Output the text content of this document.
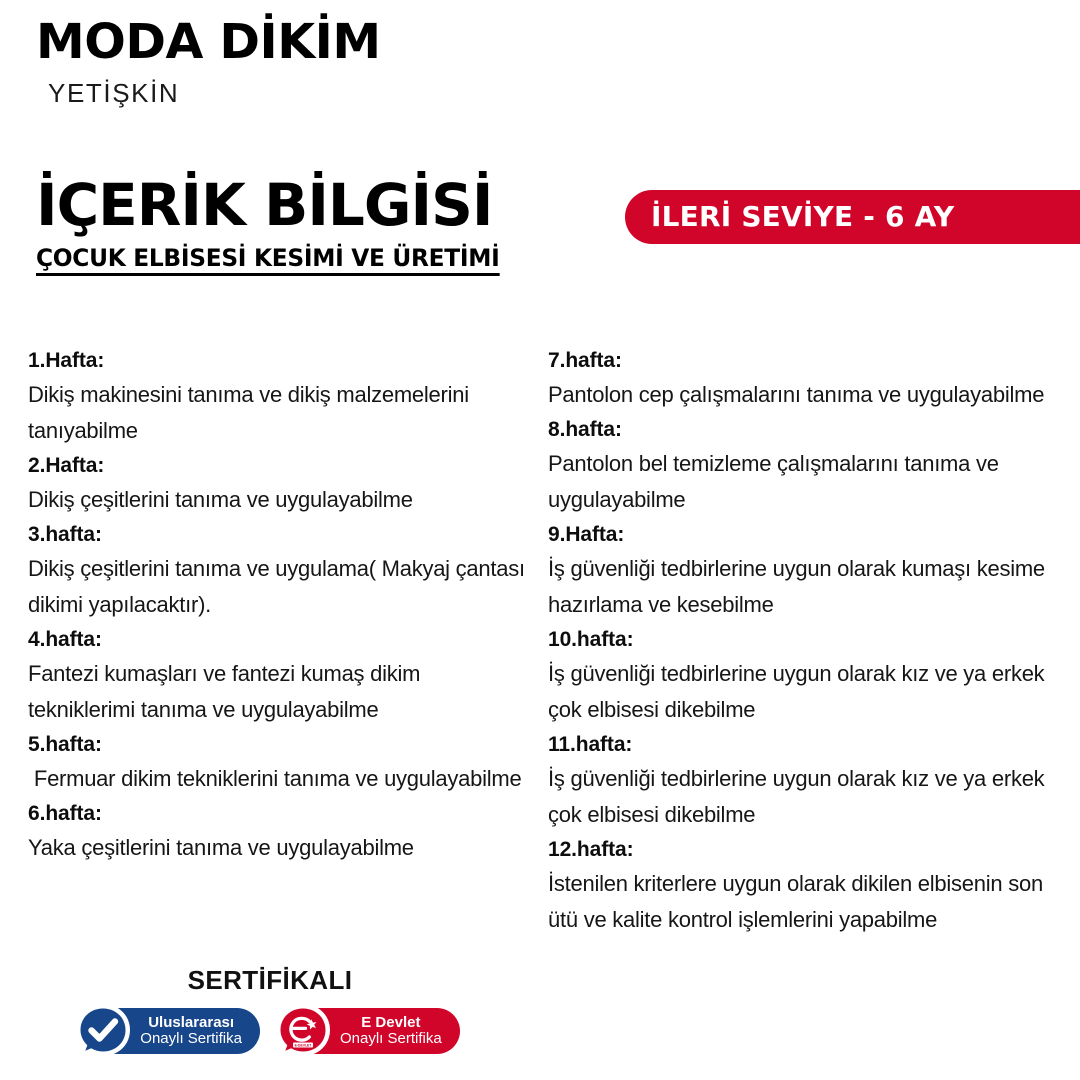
MODA DİKİM
YETİŞKİN
İÇERİK BİLGİSİ
ÇOCUK ELBİSESİ KESİMİ VE ÜRETİMİ
İLERİ SEVİYE - 6 AY
1.Hafta:
Dikiş makinesini tanıma ve dikiş malzemelerini tanıyabilme
2.Hafta:
Dikiş çeşitlerini tanıma ve uygulayabilme
3.hafta:
Dikiş çeşitlerini tanıma ve uygulama( Makyaj çantası dikimi yapılacaktır).
4.hafta:
Fantezi kumaşları ve fantezi kumaş dikim tekniklerimi tanıma ve uygulayabilme
5.hafta:
Fermuar dikim tekniklerini tanıma ve uygulayabilme
6.hafta:
Yaka çeşitlerini tanıma ve uygulayabilme
7.hafta:
Pantolon cep çalışmalarını tanıma ve uygulayabilme
8.hafta:
Pantolon bel temizleme çalışmalarını tanıma ve uygulayabilme
9.Hafta:
İş güvenliği tedbirlerine uygun olarak kumaşı kesime hazırlama ve kesebilme
10.hafta:
İş güvenliği tedbirlerine uygun olarak kız ve ya erkek çok elbisesi dikebilme
11.hafta:
İş güvenliği tedbirlerine uygun olarak kız ve ya erkek çok elbisesi dikebilme
12.hafta:
İstenilen kriterlere uygun olarak dikilen elbisenin son ütü ve kalite kontrol işlemlerini yapabilme
SERTİFİKALI
Uluslararası
Onaylı Sertifika	E-DEVLET
E Devlet
Onaylı Sertifika
